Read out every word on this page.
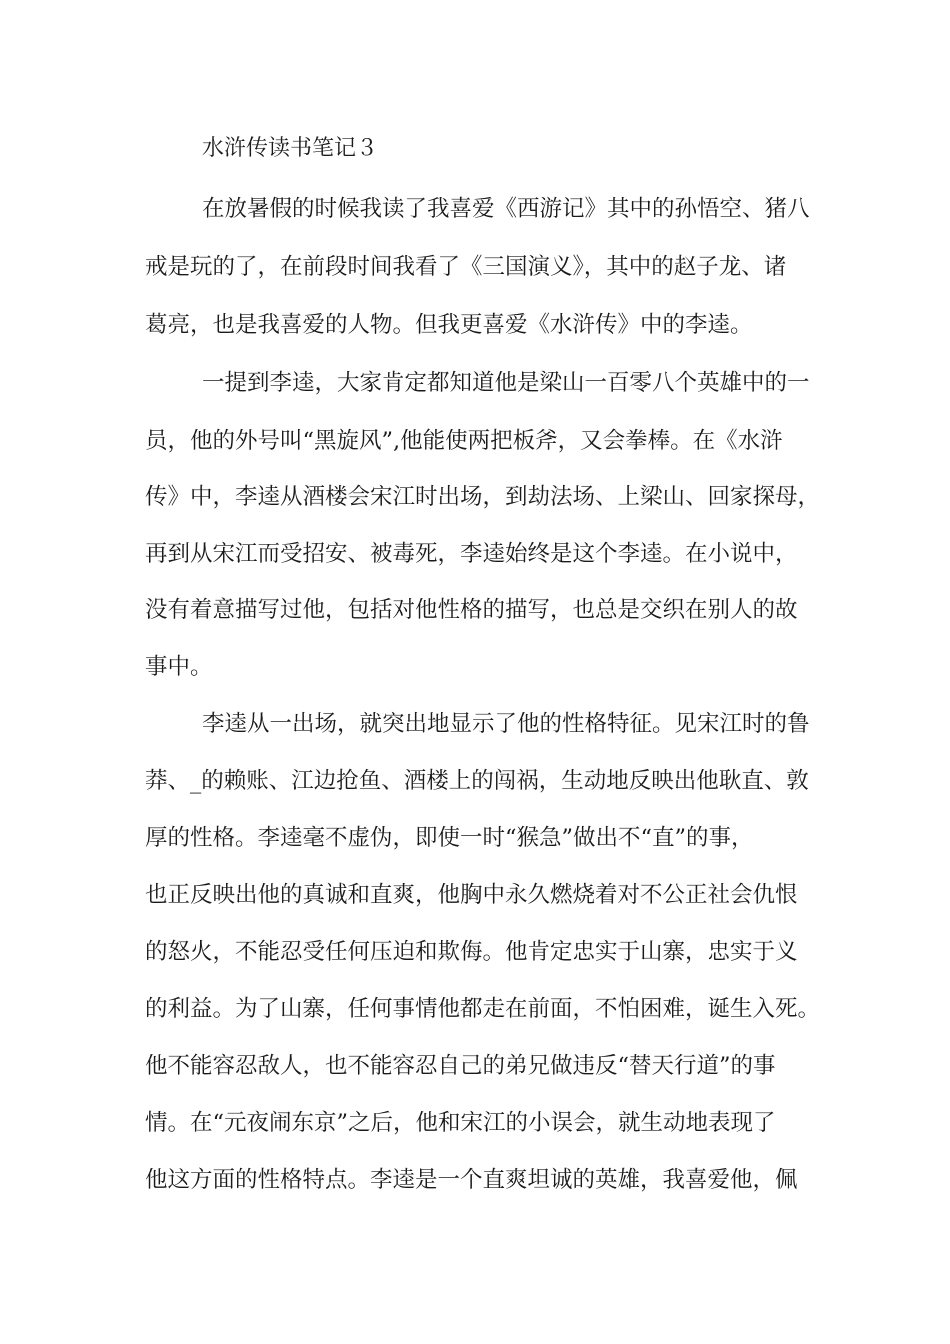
水浒传读书笔记３
在放暑假的时候我读了我喜爱《西游记》其中的孙悟空、猪八
戒是玩的了，在前段时间我看了《三国演义》，其中的赵子龙、诸
葛亮，也是我喜爱的人物。但我更喜爱《水浒传》中的李逵。
一提到李逵，大家肯定都知道他是梁山一百零八个英雄中的一
员，他的外号叫“黑旋风”,他能使两把板斧，又会拳棒。在《水浒
传》中，李逵从酒楼会宋江时出场，到劫法场、上梁山、回家探母，
再到从宋江而受招安、被毒死，李逵始终是这个李逵。在小说中，
没有着意描写过他，包括对他性格的描写，也总是交织在别人的故
事中。
李逵从一出场，就突出地显示了他的性格特征。见宋江时的鲁
莽、_的赖账、江边抢鱼、酒楼上的闯祸，生动地反映出他耿直、敦
厚的性格。李逵毫不虚伪，即使一时“猴急”做出不“直”的事，
也正反映出他的真诚和直爽，他胸中永久燃烧着对不公正社会仇恨
的怒火，不能忍受任何压迫和欺侮。他肯定忠实于山寨，忠实于义
的利益。为了山寨，任何事情他都走在前面，不怕困难，诞生入死。
他不能容忍敌人，也不能容忍自己的弟兄做违反“替天行道”的事
情。在“元夜闹东京”之后，他和宋江的小误会，就生动地表现了
他这方面的性格特点。李逵是一个直爽坦诚的英雄，我喜爱他，佩
